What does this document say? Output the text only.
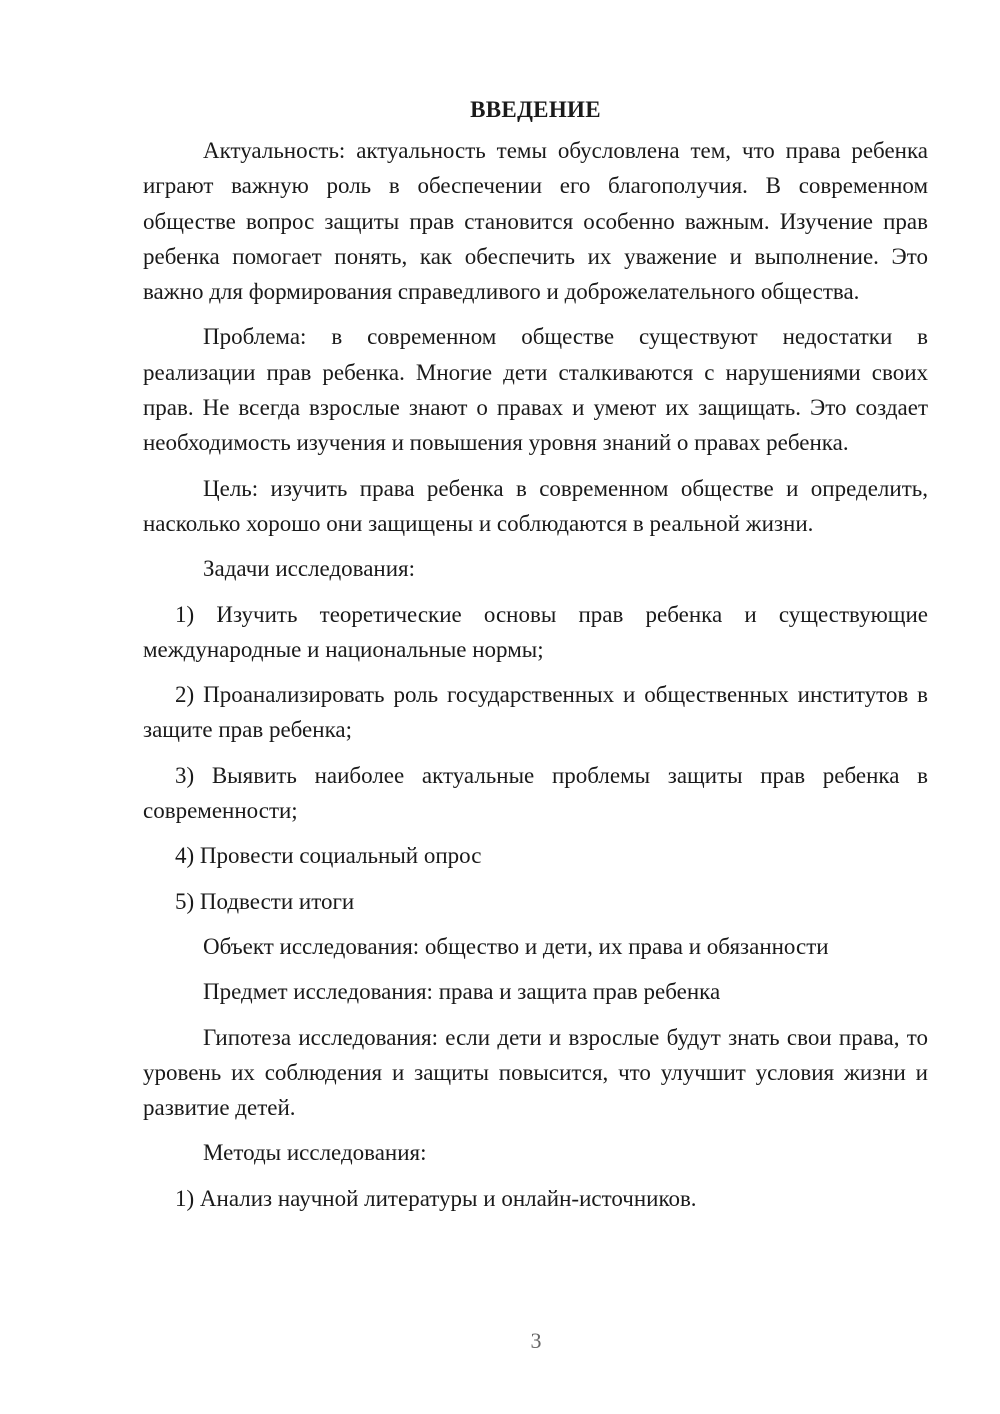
ВВЕДЕНИЕ
Актуальность: актуальность темы обусловлена тем, что права ребенка играют важную роль в обеспечении его благополучия. В современном обществе вопрос защиты прав становится особенно важным. Изучение прав ребенка помогает понять, как обеспечить их уважение и выполнение. Это важно для формирования справедливого и доброжелательного общества.
Проблема: в современном обществе существуют недостатки в реализации прав ребенка. Многие дети сталкиваются с нарушениями своих прав. Не всегда взрослые знают о правах и умеют их защищать. Это создает необходимость изучения и повышения уровня знаний о правах ребенка.
Цель: изучить права ребенка в современном обществе и определить, насколько хорошо они защищены и соблюдаются в реальной жизни.
Задачи исследования:
1) Изучить теоретические основы прав ребенка и существующие международные и национальные нормы;
2) Проанализировать роль государственных и общественных институтов в защите прав ребенка;
3) Выявить наиболее актуальные проблемы защиты прав ребенка в современности;
4) Провести социальный опрос
5) Подвести итоги
Объект исследования: общество и дети, их права и обязанности
Предмет исследования: права и защита прав ребенка
Гипотеза исследования: если дети и взрослые будут знать свои права, то уровень их соблюдения и защиты повысится, что улучшит условия жизни и развитие детей.
Методы исследования:
1) Анализ научной литературы и онлайн-источников.
3
